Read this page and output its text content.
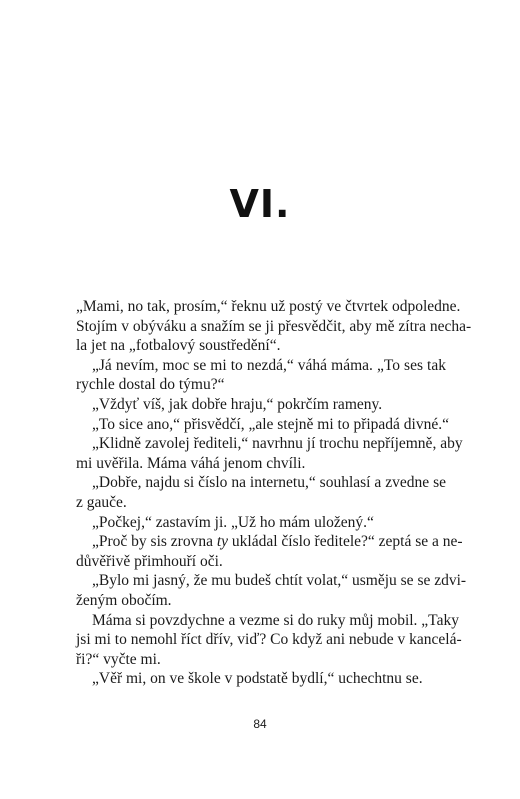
VI.

„Mami, no tak, prosím,“ řeknu už postý ve čtvrtek odpoledne.
Stojím v obýváku a snažím se ji přesvědčit, aby mě zítra necha-
la jet na „fotbalový soustředění“.

„Já nevím, moc se mi to nezdá,“ váhá máma. „To ses tak
rychle dostal do týmu?“

„Vždyť víš, jak dobře hraju,“ pokrčím rameny.

„To sice ano,“ přisvědčí, „ale stejně mi to připadá divné.“

„Klidně zavolej řediteli,“ navrhnu jí trochu nepříjemně, aby
mi uvěřila. Máma váhá jenom chvíli.

„Dobře, najdu si číslo na internetu,“ souhlasí a zvedne se
z gauče.

„Počkej,“ zastavím ji. „Už ho mám uložený.“

„Proč by sis zrovna ty ukládal číslo ředitele?“ zeptá se a ne-
důvěřivě přimhouří oči.

„Bylo mi jasný, že mu budeš chtít volat,“ usměju se se zdvi-
ženým obočím.

Máma si povzdychne a vezme si do ruky můj mobil. „Taky
jsi mi to nemohl říct dřív, viď? Co když ani nebude v kancelá-
ři?“ vyčte mi.

„Věř mi, on ve škole v podstatě bydlí,“ uchechtnu se.

84
